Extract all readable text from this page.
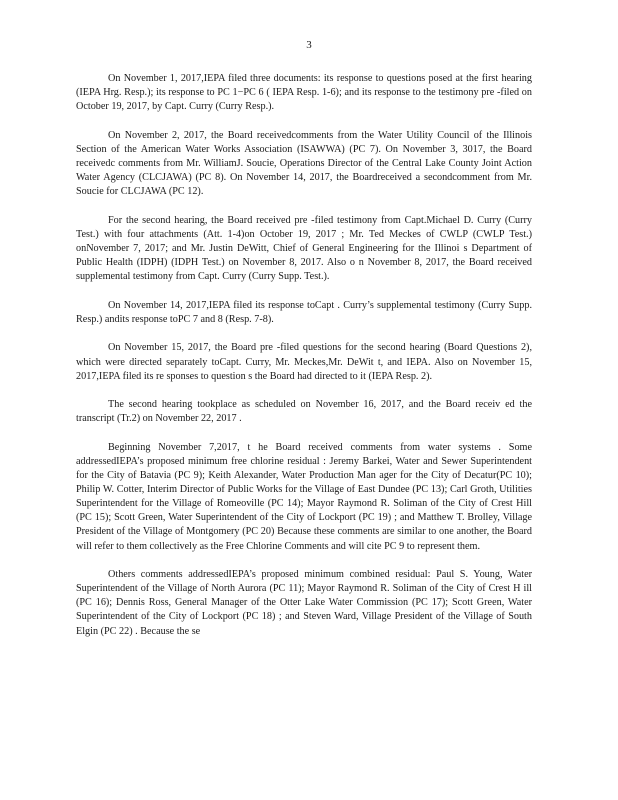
3

On November 1, 2017,IEPA filed three documents: its response to questions posed at the first hearing (IEPA Hrg. Resp.); its response to PC 1−PC 6 ( IEPA Resp. 1-6); and its response to the testimony pre -filed on October 19, 2017, by Capt. Curry (Curry Resp.).

On November 2, 2017, the Board receivedcomments from the Water Utility Council of the Illinois Section of the American Water Works Association (ISAWWA) (PC 7). On November 3, 3017, the Board receivedc comments from Mr. WilliamJ. Soucie, Operations Director of the Central Lake County Joint Action Water Agency (CLCJAWA) (PC 8). On November 14, 2017, the Boardreceived a secondcomment from Mr. Soucie for CLCJAWA (PC 12).

For the second hearing, the Board received pre -filed testimony from Capt.Michael D. Curry (Curry Test.) with four attachments (Att. 1-4)on October 19, 2017 ; Mr. Ted Meckes of CWLP (CWLP Test.) onNovember 7, 2017; and Mr. Justin DeWitt, Chief of General Engineering for the Illinoi s Department of Public Health (IDPH) (IDPH Test.) on November 8, 2017. Also o n November 8, 2017, the Board received supplemental testimony from Capt. Curry (Curry Supp. Test.).

On November 14, 2017,IEPA filed its response toCapt . Curry’s supplemental testimony (Curry Supp. Resp.) andits response toPC 7 and 8 (Resp. 7-8).

On November 15, 2017, the Board pre -filed questions for the second hearing (Board Questions 2), which were directed separately toCapt. Curry, Mr. Meckes,Mr. DeWit t, and IEPA. Also on November 15, 2017,IEPA filed its re sponses to question s the Board had directed to it (IEPA Resp. 2).

The second hearing tookplace as scheduled on November 16, 2017, and the Board receiv ed the transcript (Tr.2) on November 22, 2017 .

Beginning November 7,2017, t he Board received comments from water systems . Some addressedIEPA’s proposed minimum free chlorine residual : Jeremy Barkei, Water and Sewer Superintendent for the City of Batavia (PC 9); Keith Alexander, Water Production Man ager for the City of Decatur(PC 10); Philip W. Cotter, Interim Director of Public Works for the Village of East Dundee (PC 13); Carl Groth, Utilities Superintendent for the Village of Romeoville (PC 14); Mayor Raymond R. Soliman of the City of Crest Hill (PC 15); Scott Green, Water Superintendent of the City of Lockport (PC 19) ; and Matthew T. Brolley, Village President of the Village of Montgomery (PC 20) Because these comments are similar to one another, the Board will refer to them collectively as the Free Chlorine Comments and will cite PC 9 to represent them.

Others comments addressedIEPA’s proposed minimum combined residual: Paul S. Young, Water Superintendent of the Village of North Aurora (PC 11); Mayor Raymond R. Soliman of the City of Crest H ill (PC 16); Dennis Ross, General Manager of the Otter Lake Water Commission (PC 17); Scott Green, Water Superintendent of the City of Lockport (PC 18) ; and Steven Ward, Village President of the Village of South Elgin (PC 22) . Because the se
